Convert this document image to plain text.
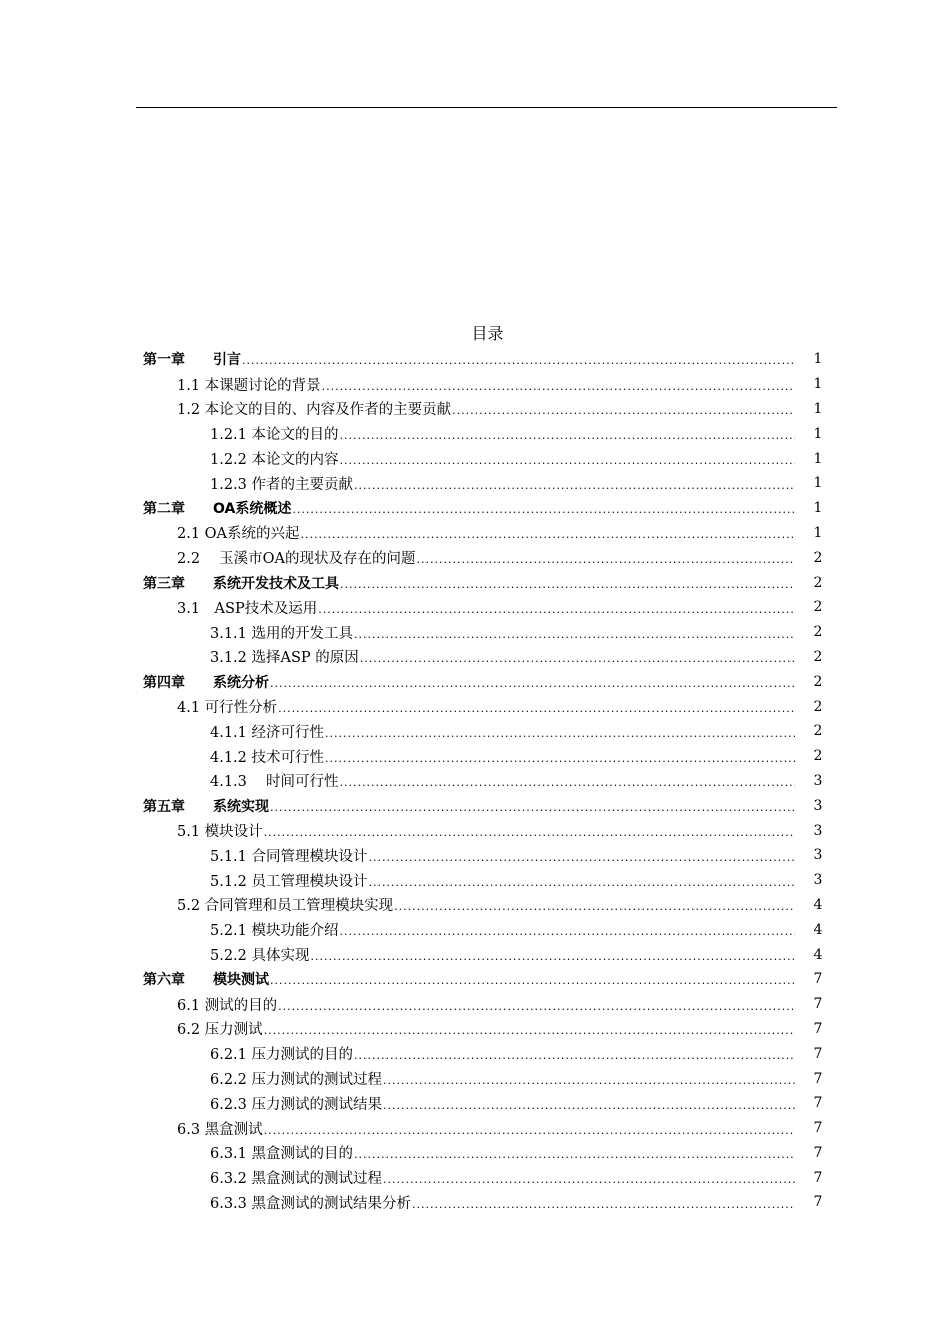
目录
第一章　　引言 .....	1
1.1 本课题讨论的背景 .....	1
1.2 本论文的目的、内容及作者的主要贡献 .....	1
1.2.1 本论文的目的 .....	1
1.2.2 本论文的内容 .....	1
1.2.3 作者的主要贡献 .....	1
第二章　　OA系统概述 .....	1
2.1 OA系统的兴起 .....	1
2.2　 玉溪市OA的现状及存在的问题 .....	2
第三章　　系统开发技术及工具 .....	2
3.1　ASP技术及运用 .....	2
3.1.1 选用的开发工具 .....	2
3.1.2 选择ASP 的原因 .....	2
第四章　　系统分析 .....	2
4.1 可行性分析 .....	2
4.1.1 经济可行性 .....	2
4.1.2 技术可行性 .....	2
4.1.3　 时间可行性 .....	3
第五章　　系统实现 .....	3
5.1 模块设计 .....	3
5.1.1 合同管理模块设计 .....	3
5.1.2 员工管理模块设计 .....	3
5.2 合同管理和员工管理模块实现 .....	4
5.2.1 模块功能介绍 .....	4
5.2.2 具体实现 .....	4
第六章　　模块测试 .....	7
6.1 测试的目的 .....	7
6.2 压力测试 .....	7
6.2.1 压力测试的目的 .....	7
6.2.2 压力测试的测试过程 .....	7
6.2.3 压力测试的测试结果 .....	7
6.3 黑盒测试 .....	7
6.3.1 黑盒测试的目的 .....	7
6.3.2 黑盒测试的测试过程 .....	7
6.3.3 黑盒测试的测试结果分析 .....	7
